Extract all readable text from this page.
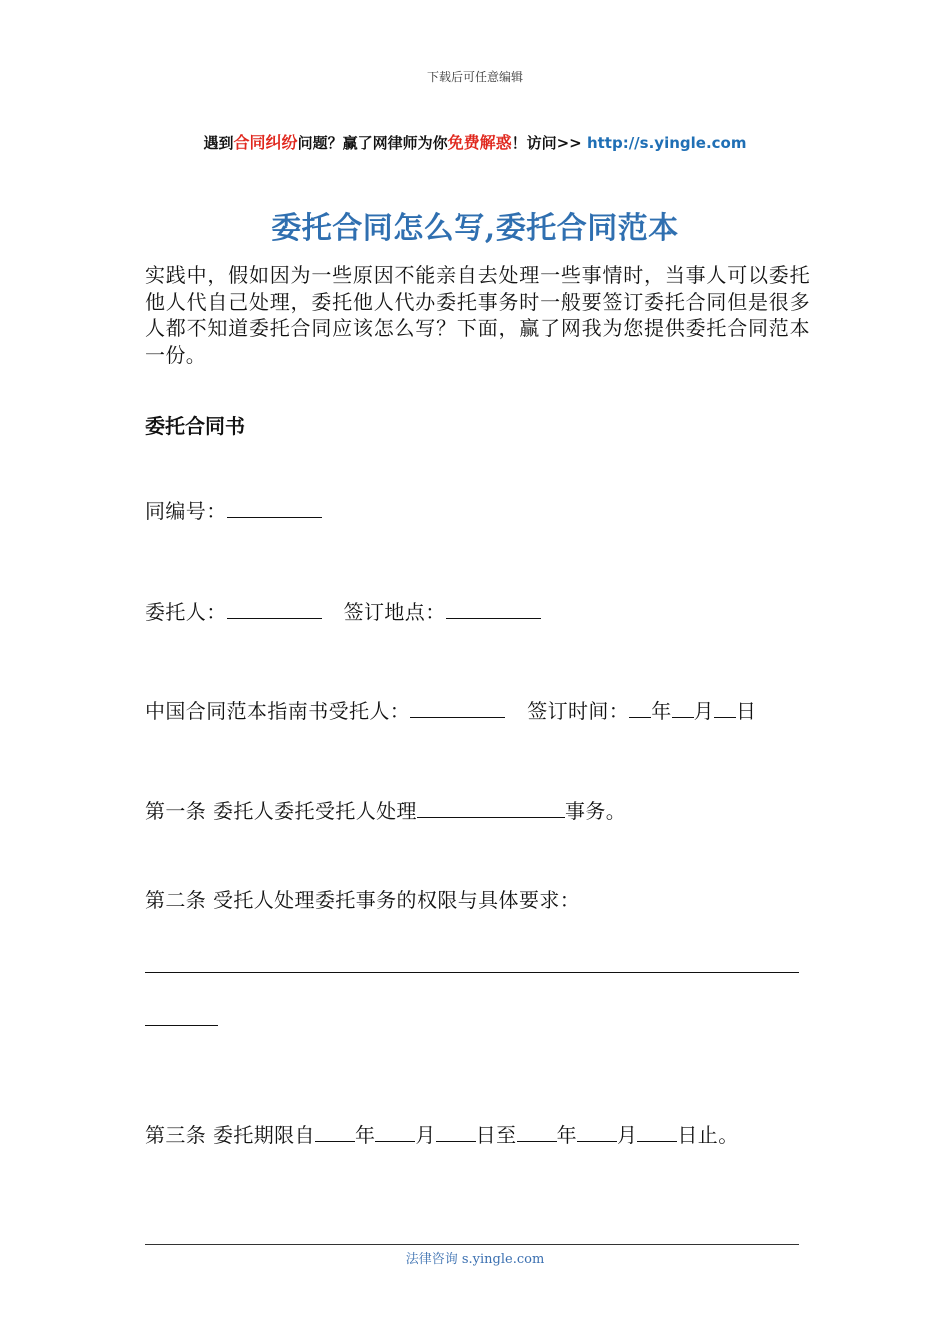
下载后可任意编辑
遇到合同纠纷问题？赢了网律师为你免费解惑！访问>> http://s.yingle.com
委托合同怎么写,委托合同范本
实践中，假如因为一些原因不能亲自去处理一些事情时，当事人可以委托他人代自己处理，委托他人代办委托事务时一般要签订委托合同但是很多人都不知道委托合同应该怎么写？下面，赢了网我为您提供委托合同范本一份。
委托合同书
同编号：
委托人：	签订地点：
中国合同范本指南书受托人：	签订时间： 年 月 日
第一条 委托人委托受托人处理	事务。
第二条 受托人处理委托事务的权限与具体要求：
第三条 委托期限自 年 月 日至 年 月 日止。
法律咨询 s.yingle.com
